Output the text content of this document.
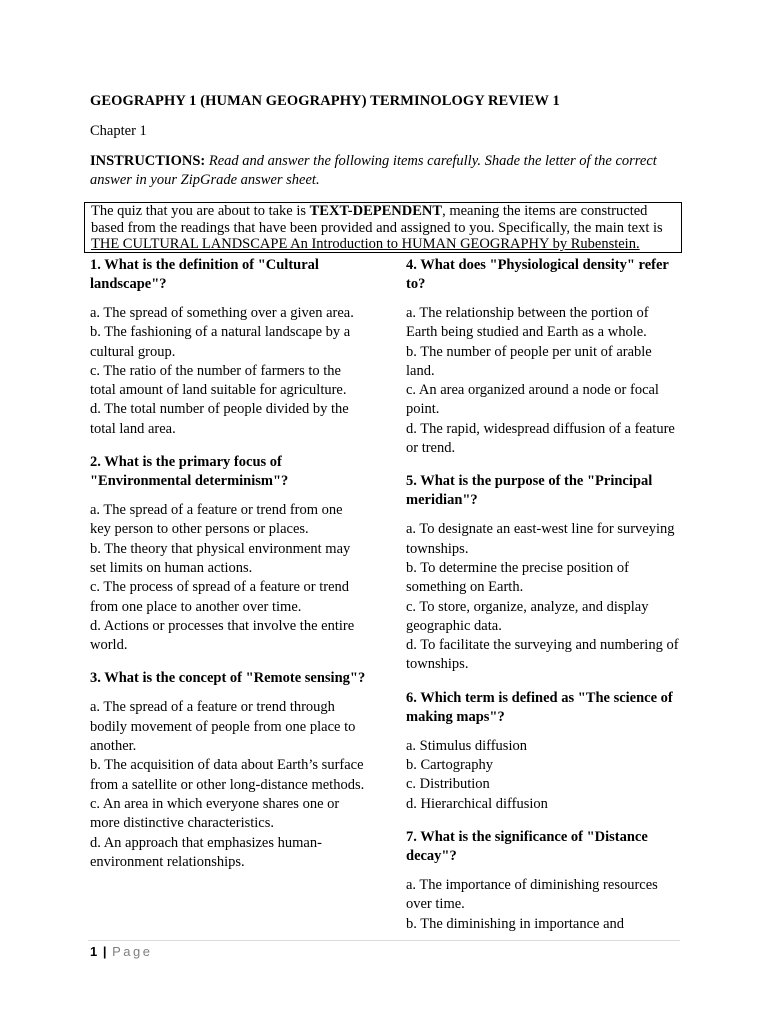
GEOGRAPHY 1 (HUMAN GEOGRAPHY) TERMINOLOGY REVIEW 1
Chapter 1
INSTRUCTIONS: Read and answer the following items carefully. Shade the letter of the correct answer in your ZipGrade answer sheet.
The quiz that you are about to take is TEXT-DEPENDENT, meaning the items are constructed based from the readings that have been provided and assigned to you. Specifically, the main text is THE CULTURAL LANDSCAPE An Introduction to HUMAN GEOGRAPHY by Rubenstein.
1. What is the definition of "Cultural landscape"?
a. The spread of something over a given area.
b. The fashioning of a natural landscape by a cultural group.
c. The ratio of the number of farmers to the total amount of land suitable for agriculture.
d. The total number of people divided by the total land area.
2. What is the primary focus of "Environmental determinism"?
a. The spread of a feature or trend from one key person to other persons or places.
b. The theory that physical environment may set limits on human actions.
c. The process of spread of a feature or trend from one place to another over time.
d. Actions or processes that involve the entire world.
3. What is the concept of "Remote sensing"?
a. The spread of a feature or trend through bodily movement of people from one place to another.
b. The acquisition of data about Earth’s surface from a satellite or other long-distance methods.
c. An area in which everyone shares one or more distinctive characteristics.
d. An approach that emphasizes human-environment relationships.
4. What does "Physiological density" refer to?
a. The relationship between the portion of Earth being studied and Earth as a whole.
b. The number of people per unit of arable land.
c. An area organized around a node or focal point.
d. The rapid, widespread diffusion of a feature or trend.
5. What is the purpose of the "Principal meridian"?
a. To designate an east-west line for surveying townships.
b. To determine the precise position of something on Earth.
c. To store, organize, analyze, and display geographic data.
d. To facilitate the surveying and numbering of townships.
6. Which term is defined as "The science of making maps"?
a. Stimulus diffusion
b. Cartography
c. Distribution
d. Hierarchical diffusion
7. What is the significance of "Distance decay"?
a. The importance of diminishing resources over time.
b. The diminishing in importance and
1 | Page
